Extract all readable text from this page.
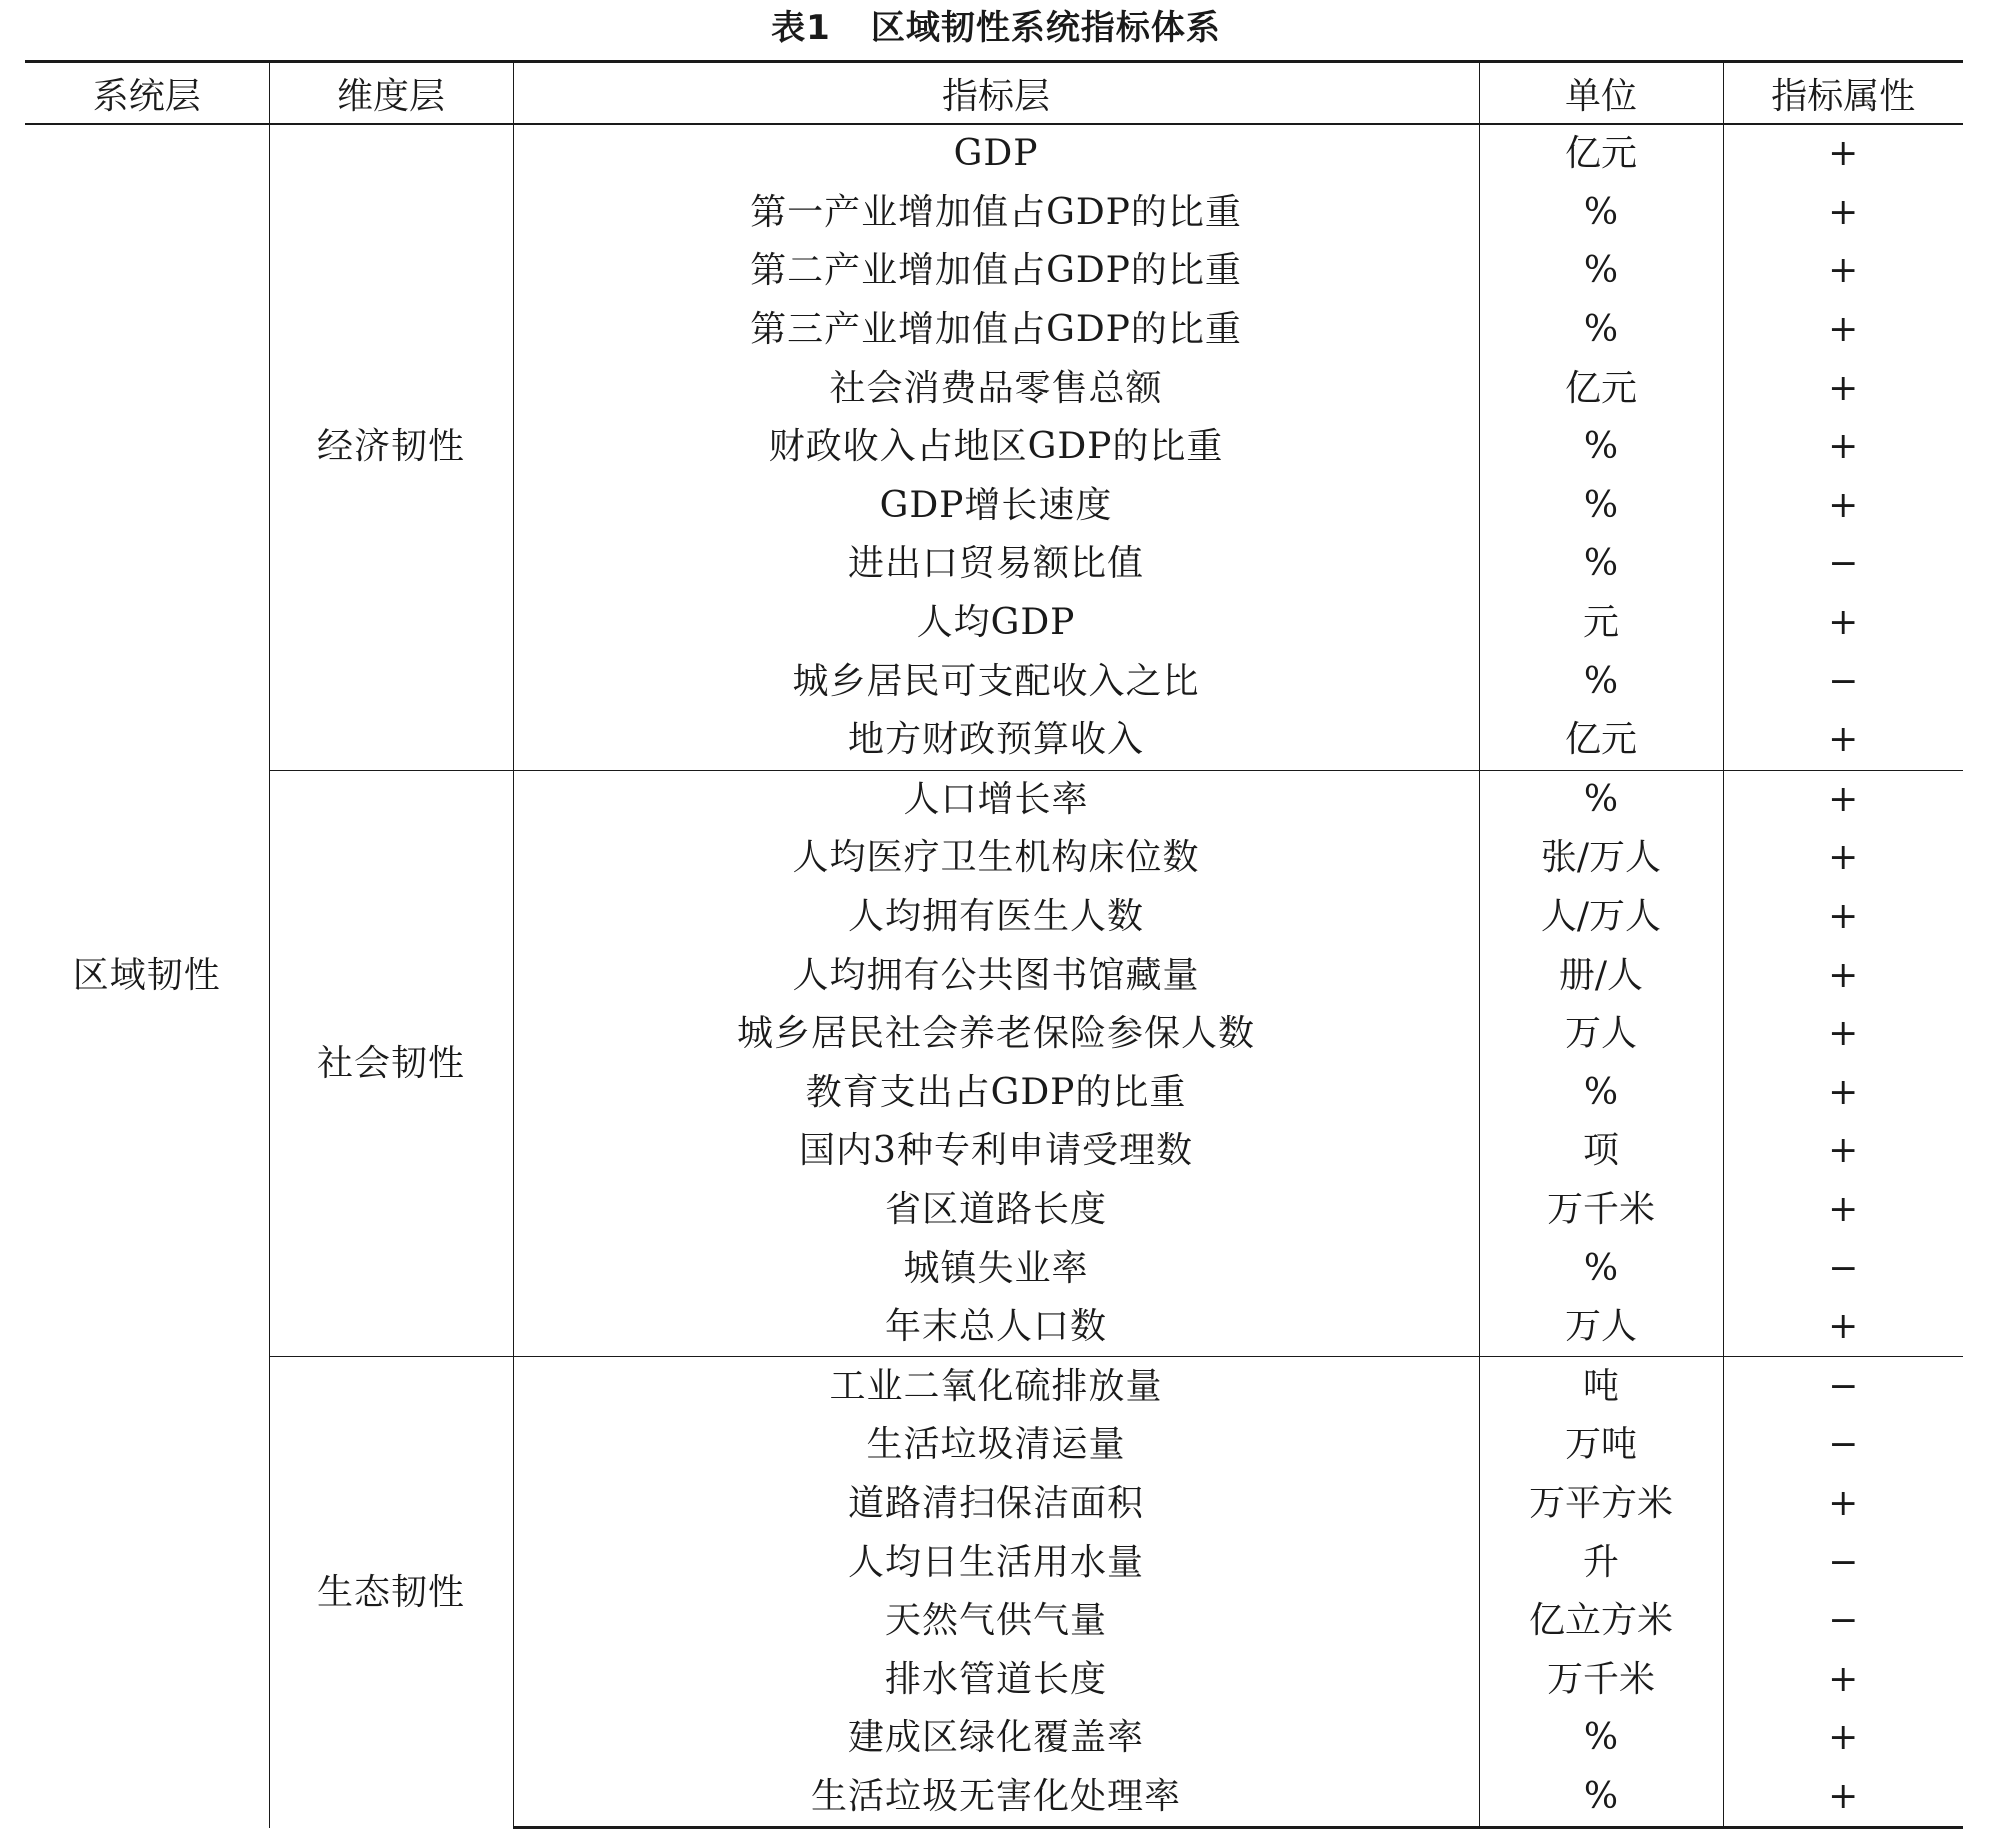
表1 区域韧性系统指标体系
系统层	维度层	指标层	单位	指标属性
区域韧性	经济韧性	GDP	亿元	+
		第一产业增加值占GDP的比重	%	+
		第二产业增加值占GDP的比重	%	+
		第三产业增加值占GDP的比重	%	+
		社会消费品零售总额	亿元	+
		财政收入占地区GDP的比重	%	+
		GDP增长速度	%	+
		进出口贸易额比值	%	−
		人均GDP	元	+
		城乡居民可支配收入之比	%	−
		地方财政预算收入	亿元	+
	社会韧性	人口增长率	%	+
		人均医疗卫生机构床位数	张/万人	+
		人均拥有医生人数	人/万人	+
		人均拥有公共图书馆藏量	册/人	+
		城乡居民社会养老保险参保人数	万人	+
		教育支出占GDP的比重	%	+
		国内3种专利申请受理数	项	+
		省区道路长度	万千米	+
		城镇失业率	%	−
		年末总人口数	万人	+
	生态韧性	工业二氧化硫排放量	吨	−
		生活垃圾清运量	万吨	−
		道路清扫保洁面积	万平方米	+
		人均日生活用水量	升	−
		天然气供气量	亿立方米	−
		排水管道长度	万千米	+
		建成区绿化覆盖率	%	+
		生活垃圾无害化处理率	%	+
